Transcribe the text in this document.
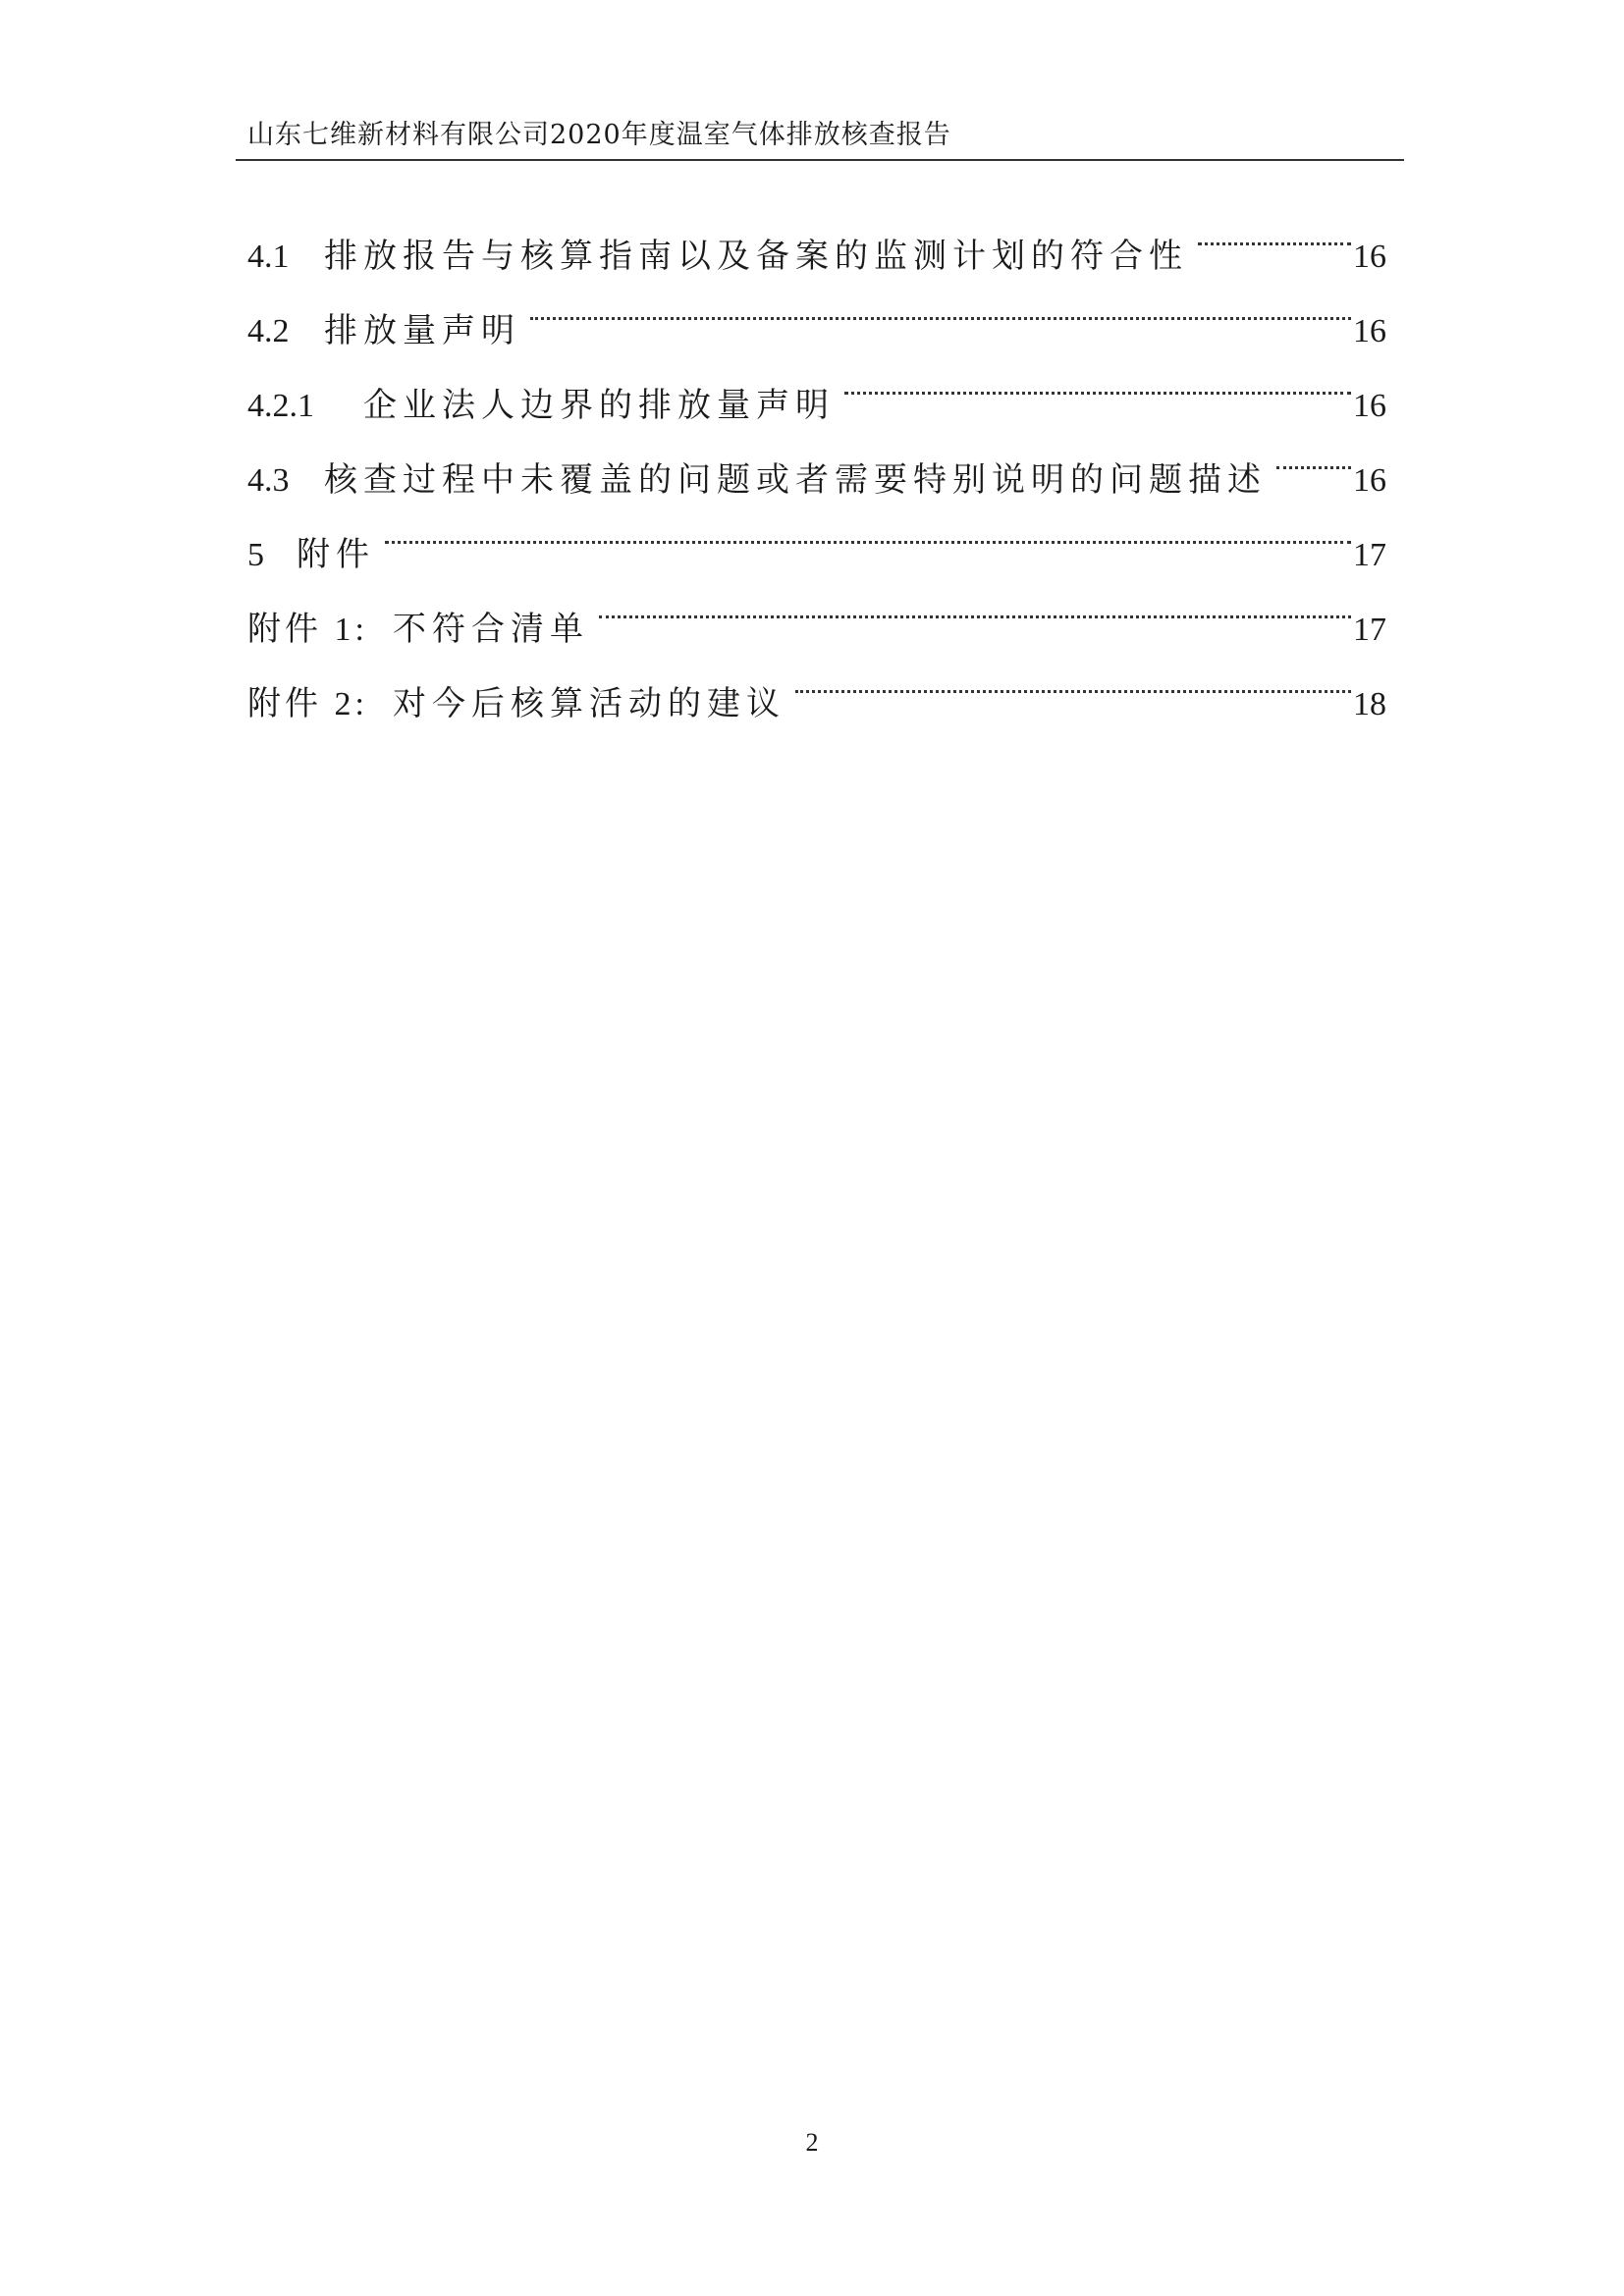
山东七维新材料有限公司2020年度温室气体排放核查报告
4.1	排放报告与核算指南以及备案的监测计划的符合性	16
4.2	排放量声明	16
4.2.1	企业法人边界的排放量声明	16
4.3	核查过程中未覆盖的问题或者需要特别说明的问题描述	16
5 附件	17
附件 1: 不符合清单	17
附件 2: 对今后核算活动的建议	18
2
